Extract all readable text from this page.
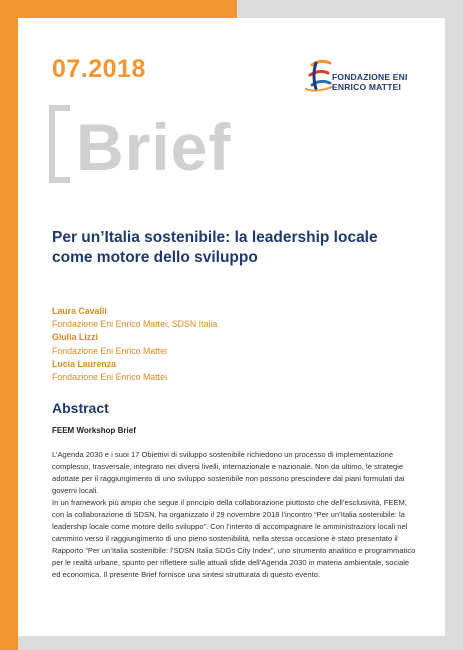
07.2018	FONDAZIONE ENI
ENRICO MATTEI
Brief
Per un’Italia sostenibile: la leadership locale come motore dello sviluppo
Laura Cavalli
Fondazione Eni Enrico Mattei, SDSN Italia
Giulia Lizzi
Fondazione Eni Enrico Mattei
Lucia Laurenza
Fondazione Eni Enrico Mattei
Abstract
FEEM Workshop Brief

L’Agenda 2030 e i suoi 17 Obiettivi di sviluppo sostenibile richiedono un processo di implementazione complesso, trasversale, integrato nei diversi livelli, internazionale e nazionale. Non da ultimo, le strategie adottate per il raggiungimento di uno sviluppo sostenibile non possono prescindere dai piani formulati dai governi locali.

In un framework più ampio che segue il principio della collaborazione piuttosto che dell’esclusività, FEEM, con la collaborazione di SDSN, ha organizzato il 29 novembre 2018 l’incontro “Per un’Italia sostenibile: la leadership locale come motore dello sviluppo”. Con l’intento di accompagnare le amministrazioni locali nel cammino verso il raggiungimento di uno pieno sostenibilità, nella stessa occasione è stato presentato il Rapporto “Per un’Italia sostenibile: l’SDSN Italia SDGs City Index”, uno strumento analitico e programmatico per le realtà urbane, spunto per riflettere sulle attuali sfide dell’Agenda 2030 in materia ambientale, sociale ed economica. Il presente Brief fornisce una sintesi strutturata di questo evento.
